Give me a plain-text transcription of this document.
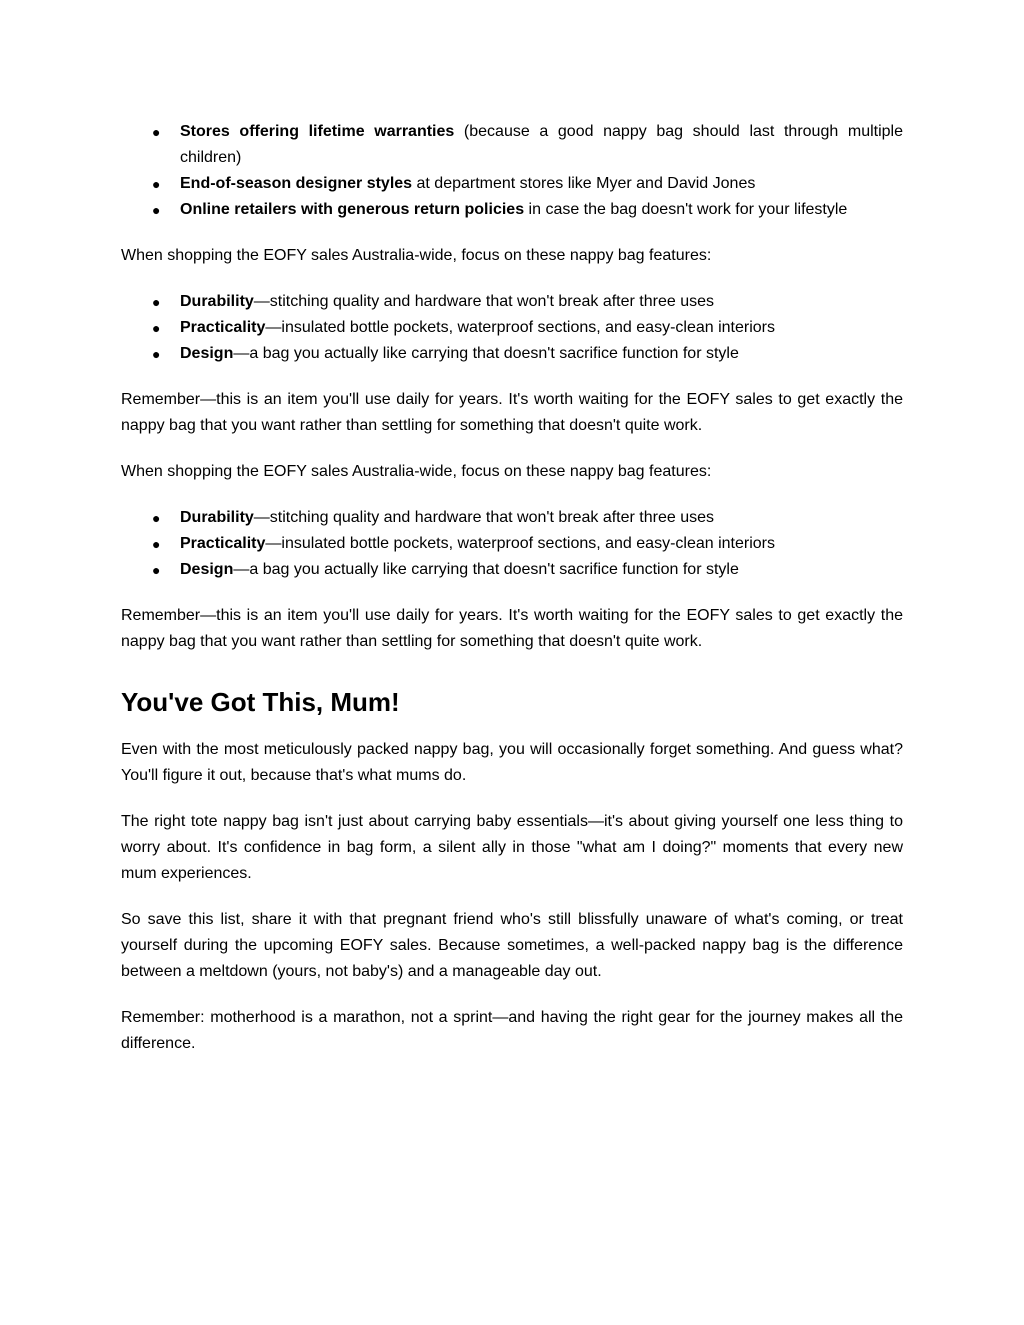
● Stores offering lifetime warranties (because a good nappy bag should last through multiple children)
● End-of-season designer styles at department stores like Myer and David Jones
● Online retailers with generous return policies in case the bag doesn't work for your lifestyle

When shopping the EOFY sales Australia-wide, focus on these nappy bag features:

● Durability—stitching quality and hardware that won't break after three uses
● Practicality—insulated bottle pockets, waterproof sections, and easy-clean interiors
● Design—a bag you actually like carrying that doesn't sacrifice function for style

Remember—this is an item you'll use daily for years. It's worth waiting for the EOFY sales to get exactly the nappy bag that you want rather than settling for something that doesn't quite work.

When shopping the EOFY sales Australia-wide, focus on these nappy bag features:

● Durability—stitching quality and hardware that won't break after three uses
● Practicality—insulated bottle pockets, waterproof sections, and easy-clean interiors
● Design—a bag you actually like carrying that doesn't sacrifice function for style

Remember—this is an item you'll use daily for years. It's worth waiting for the EOFY sales to get exactly the nappy bag that you want rather than settling for something that doesn't quite work.

You've Got This, Mum!

Even with the most meticulously packed nappy bag, you will occasionally forget something. And guess what? You'll figure it out, because that's what mums do.

The right tote nappy bag isn't just about carrying baby essentials—it's about giving yourself one less thing to worry about. It's confidence in bag form, a silent ally in those "what am I doing?" moments that every new mum experiences.

So save this list, share it with that pregnant friend who's still blissfully unaware of what's coming, or treat yourself during the upcoming EOFY sales. Because sometimes, a well-packed nappy bag is the difference between a meltdown (yours, not baby's) and a manageable day out.

Remember: motherhood is a marathon, not a sprint—and having the right gear for the journey makes all the difference.
